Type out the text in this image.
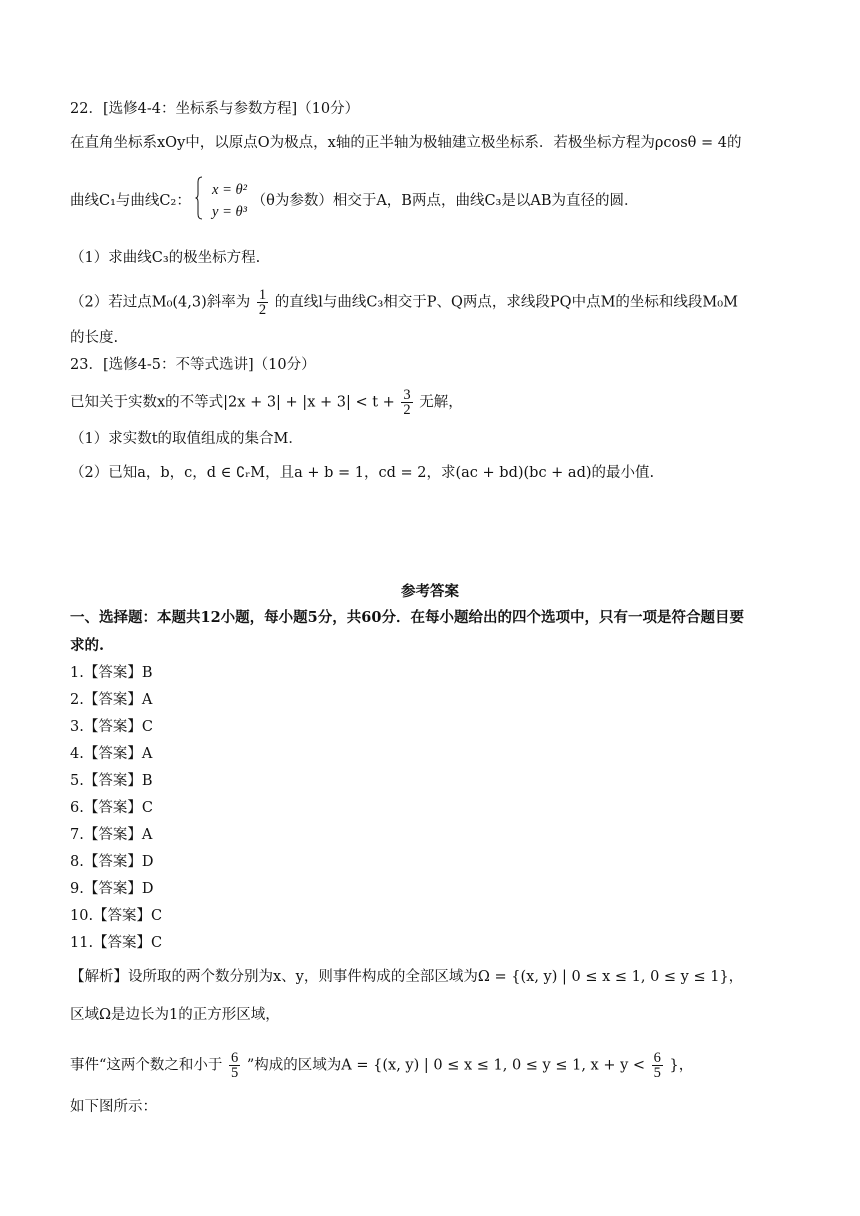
22．[选修4-4：坐标系与参数方程]（10分）
在直角坐标系xOy中，以原点O为极点，x轴的正半轴为极轴建立极坐标系．若极坐标方程为ρcosθ = 4的
曲线C₁与曲线C₂：
x = θ²
y = θ³
（θ为参数）相交于A，B两点，曲线C₃是以AB为直径的圆．
（1）求曲线C₃的极坐标方程.
（2）若过点M₀(4,3)斜率为 $\frac{1}{2}$ 的直线l与曲线C₃相交于P、Q两点，求线段PQ中点M的坐标和线段M₀M
的长度.
23．[选修4-5：不等式选讲]（10分）
已知关于实数x的不等式$|2x + 3| + |x + 3| < t + \frac{3}{2}$ 无解，
（1）求实数t的取值组成的集合M．
（2）已知a，b，c，d ∈ ∁ᵣM，且a + b = 1，cd = 2，求(ac + bd)(bc + ad)的最小值.
参考答案
一、选择题：本题共12小题，每小题5分，共60分．在每小题给出的四个选项中，只有一项是符合题目要
求的.
1.【答案】B
2.【答案】A
3.【答案】C
4.【答案】A
5.【答案】B
6.【答案】C
7.【答案】A
8.【答案】D
9.【答案】D
10.【答案】C
11.【答案】C
【解析】设所取的两个数分别为x、y，则事件构成的全部区域为Ω = {(x, y) | 0 ≤ x ≤ 1, 0 ≤ y ≤ 1}，
区域Ω是边长为1的正方形区域，
事件“这两个数之和小于 $\frac{6}{5}$ ”构成的区域为A = {(x, y) | 0 ≤ x ≤ 1, 0 ≤ y ≤ 1, $x + y < \frac{6}{5}$ }，
如下图所示：
